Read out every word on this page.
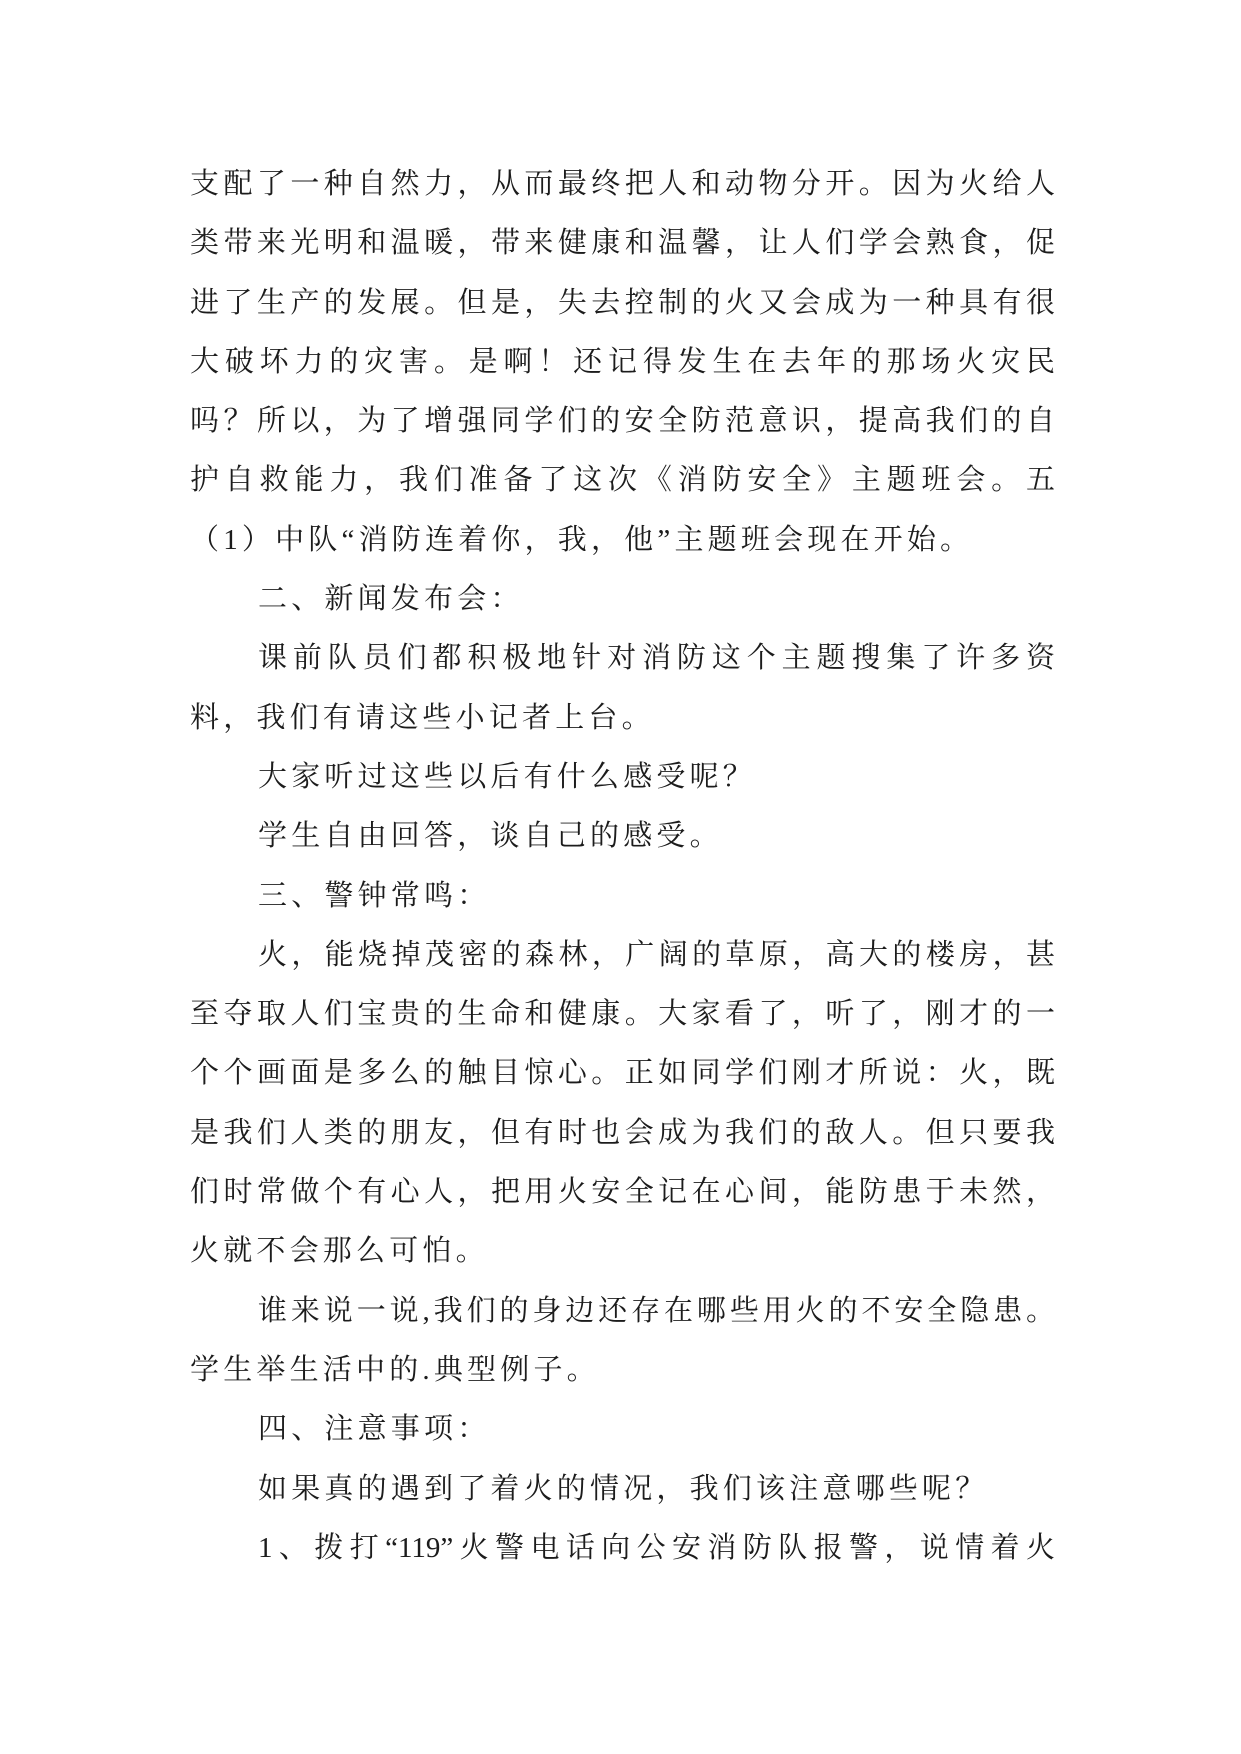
支配了一种自然力，从而最终把人和动物分开。因为火给人
类带来光明和温暖，带来健康和温馨，让人们学会熟食，促
进了生产的发展。但是，失去控制的火又会成为一种具有很
大破坏力的灾害。是啊！还记得发生在去年的那场火灾民
吗？所以，为了增强同学们的安全防范意识，提高我们的自
护自救能力，我们准备了这次《消防安全》主题班会。五
（1）中队“消防连着你，我，他”主题班会现在开始。
二、新闻发布会：
课前队员们都积极地针对消防这个主题搜集了许多资
料，我们有请这些小记者上台。
大家听过这些以后有什么感受呢？
学生自由回答，谈自己的感受。
三、警钟常鸣：
火，能烧掉茂密的森林，广阔的草原，高大的楼房，甚
至夺取人们宝贵的生命和健康。大家看了，听了，刚才的一
个个画面是多么的触目惊心。正如同学们刚才所说：火，既
是我们人类的朋友，但有时也会成为我们的敌人。但只要我
们时常做个有心人，把用火安全记在心间，能防患于未然，
火就不会那么可怕。
谁来说一说,我们的身边还存在哪些用火的不安全隐患。
学生举生活中的.典型例子。
四、注意事项：
如果真的遇到了着火的情况，我们该注意哪些呢？
1、拨打“119”火警电话向公安消防队报警，说情着火
